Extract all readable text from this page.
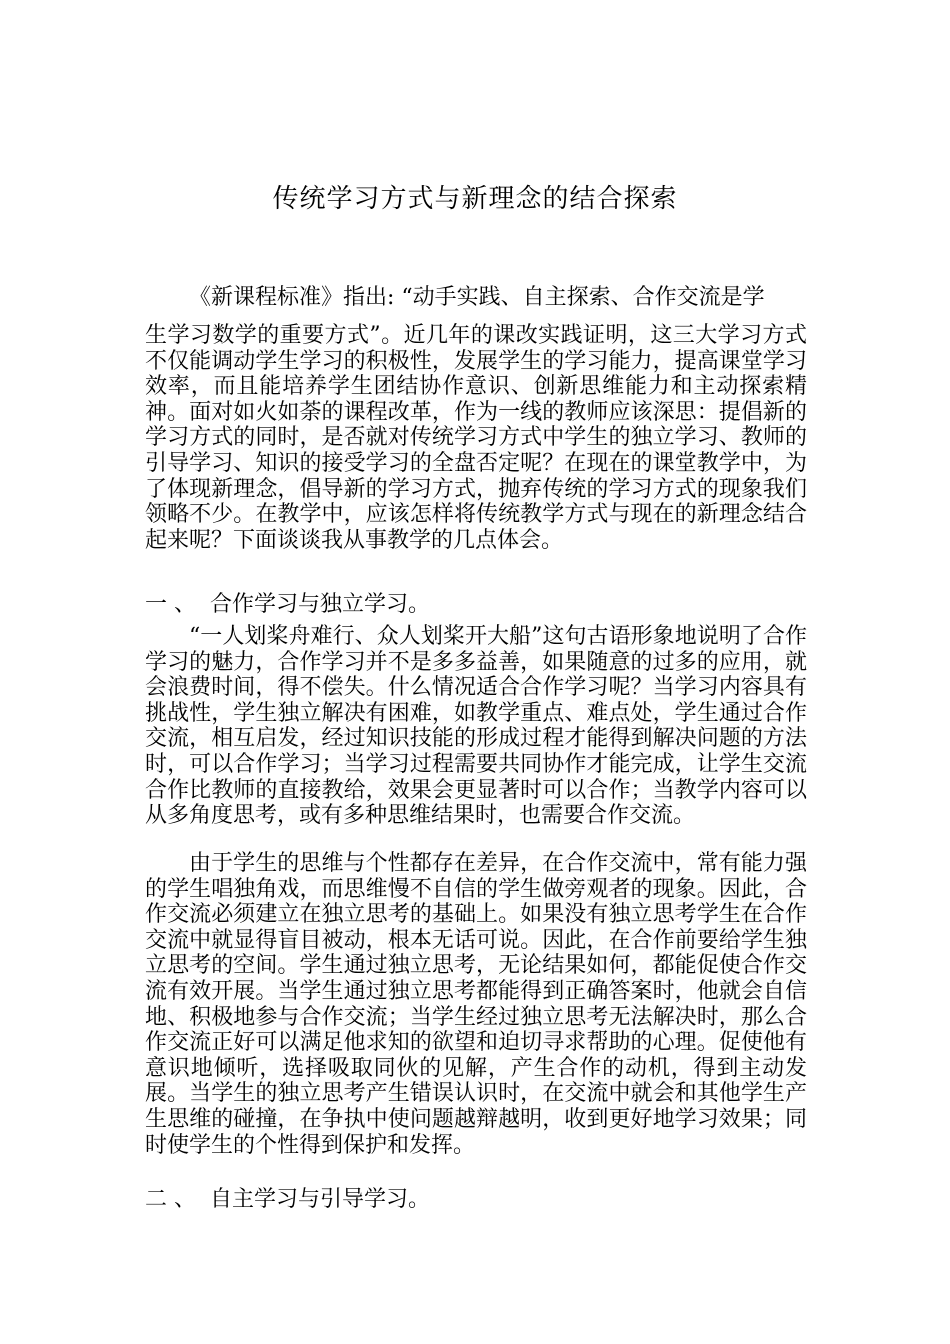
传统学习方式与新理念的结合探索

《新课程标准》指出: “动手实践、自主探索、合作交流是学

生学习数学的重要方式”。近几年的课改实践证明，这三大学习方式不仅能调动学生学习的积极性，发展学生的学习能力，提高课堂学习效率，而且能培养学生团结协作意识、创新思维能力和主动探索精神。面对如火如荼的课程改革，作为一线的教师应该深思：提倡新的学习方式的同时，是否就对传统学习方式中学生的独立学习、教师的引导学习、知识的接受学习的全盘否定呢？在现在的课堂教学中，为了体现新理念，倡导新的学习方式，抛弃传统的学习方式的现象我们领略不少。在教学中，应该怎样将传统教学方式与现在的新理念结合起来呢？下面谈谈我从事教学的几点体会。

一 、  合作学习与独立学习。

“一人划桨舟难行、众人划桨开大船”这句古语形象地说明了合作学习的魅力，合作学习并不是多多益善，如果随意的过多的应用，就会浪费时间，得不偿失。什么情况适合合作学习呢？当学习内容具有挑战性，学生独立解决有困难，如教学重点、难点处，学生通过合作交流，相互启发，经过知识技能的形成过程才能得到解决问题的方法时，可以合作学习；当学习过程需要共同协作才能完成，让学生交流合作比教师的直接教给，效果会更显著时可以合作；当教学内容可以从多角度思考，或有多种思维结果时，也需要合作交流。

由于学生的思维与个性都存在差异，在合作交流中，常有能力强的学生唱独角戏，而思维慢不自信的学生做旁观者的现象。因此，合作交流必须建立在独立思考的基础上。如果没有独立思考学生在合作交流中就显得盲目被动，根本无话可说。因此，在合作前要给学生独立思考的空间。学生通过独立思考，无论结果如何，都能促使合作交流有效开展。当学生通过独立思考都能得到正确答案时，他就会自信地、积极地参与合作交流；当学生经过独立思考无法解决时，那么合作交流正好可以满足他求知的欲望和迫切寻求帮助的心理。促使他有意识地倾听，选择吸取同伙的见解，产生合作的动机，得到主动发展。当学生的独立思考产生错误认识时，在交流中就会和其他学生产生思维的碰撞，在争执中使问题越辩越明，收到更好地学习效果；同时使学生的个性得到保护和发挥。

二 、  自主学习与引导学习。
